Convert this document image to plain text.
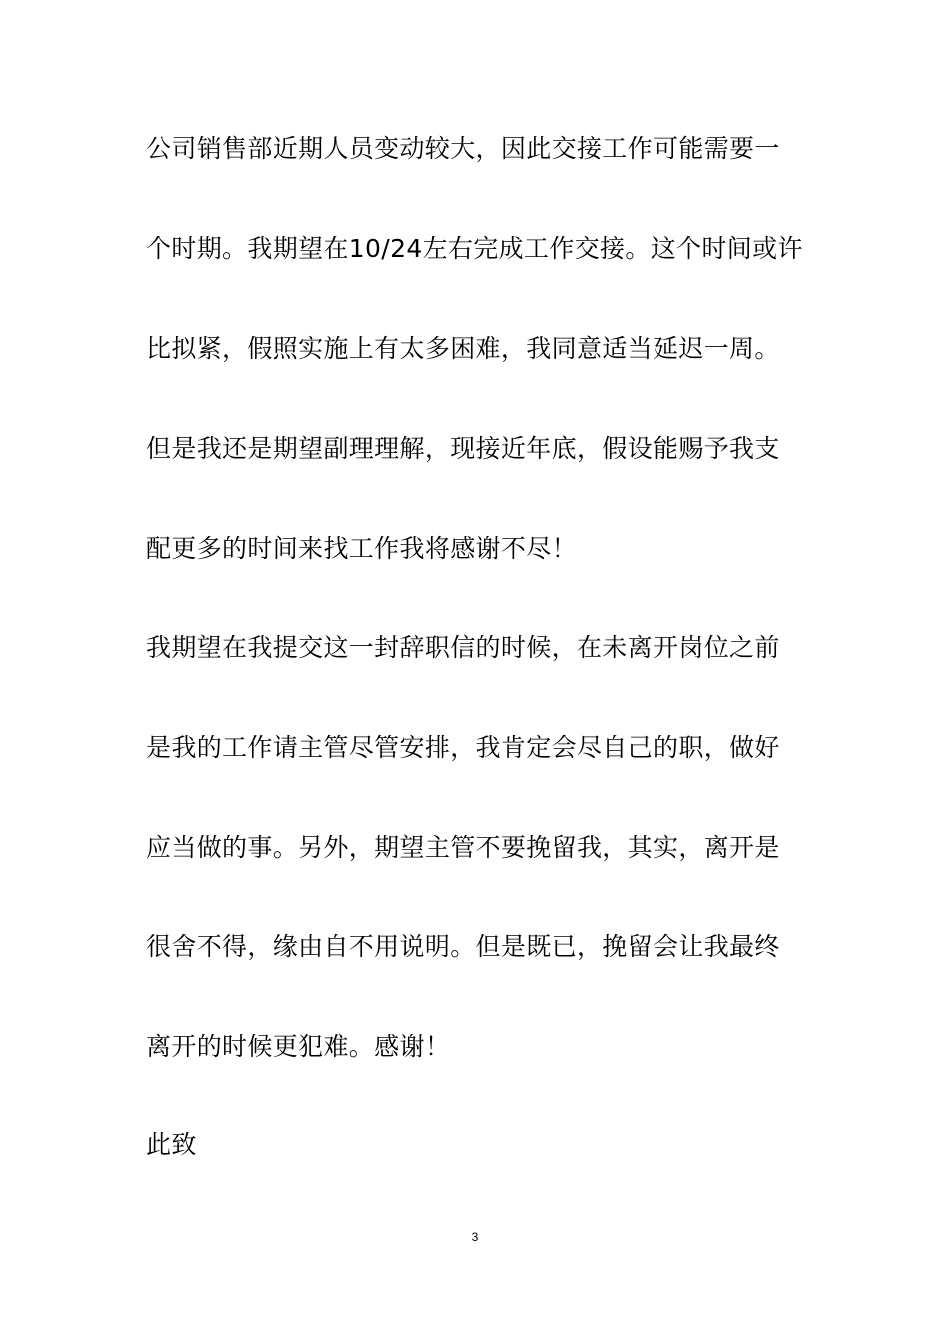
公司销售部近期人员变动较大，因此交接工作可能需要一
个时期。我期望在10/24左右完成工作交接。这个时间或许
比拟紧，假照实施上有太多困难，我同意适当延迟一周。
但是我还是期望副理理解，现接近年底，假设能赐予我支
配更多的时间来找工作我将感谢不尽！
我期望在我提交这一封辞职信的时候，在未离开岗位之前
是我的工作请主管尽管安排，我肯定会尽自己的职，做好
应当做的事。另外，期望主管不要挽留我，其实，离开是
很舍不得，缘由自不用说明。但是既已，挽留会让我最终
离开的时候更犯难。感谢！
此致
3
